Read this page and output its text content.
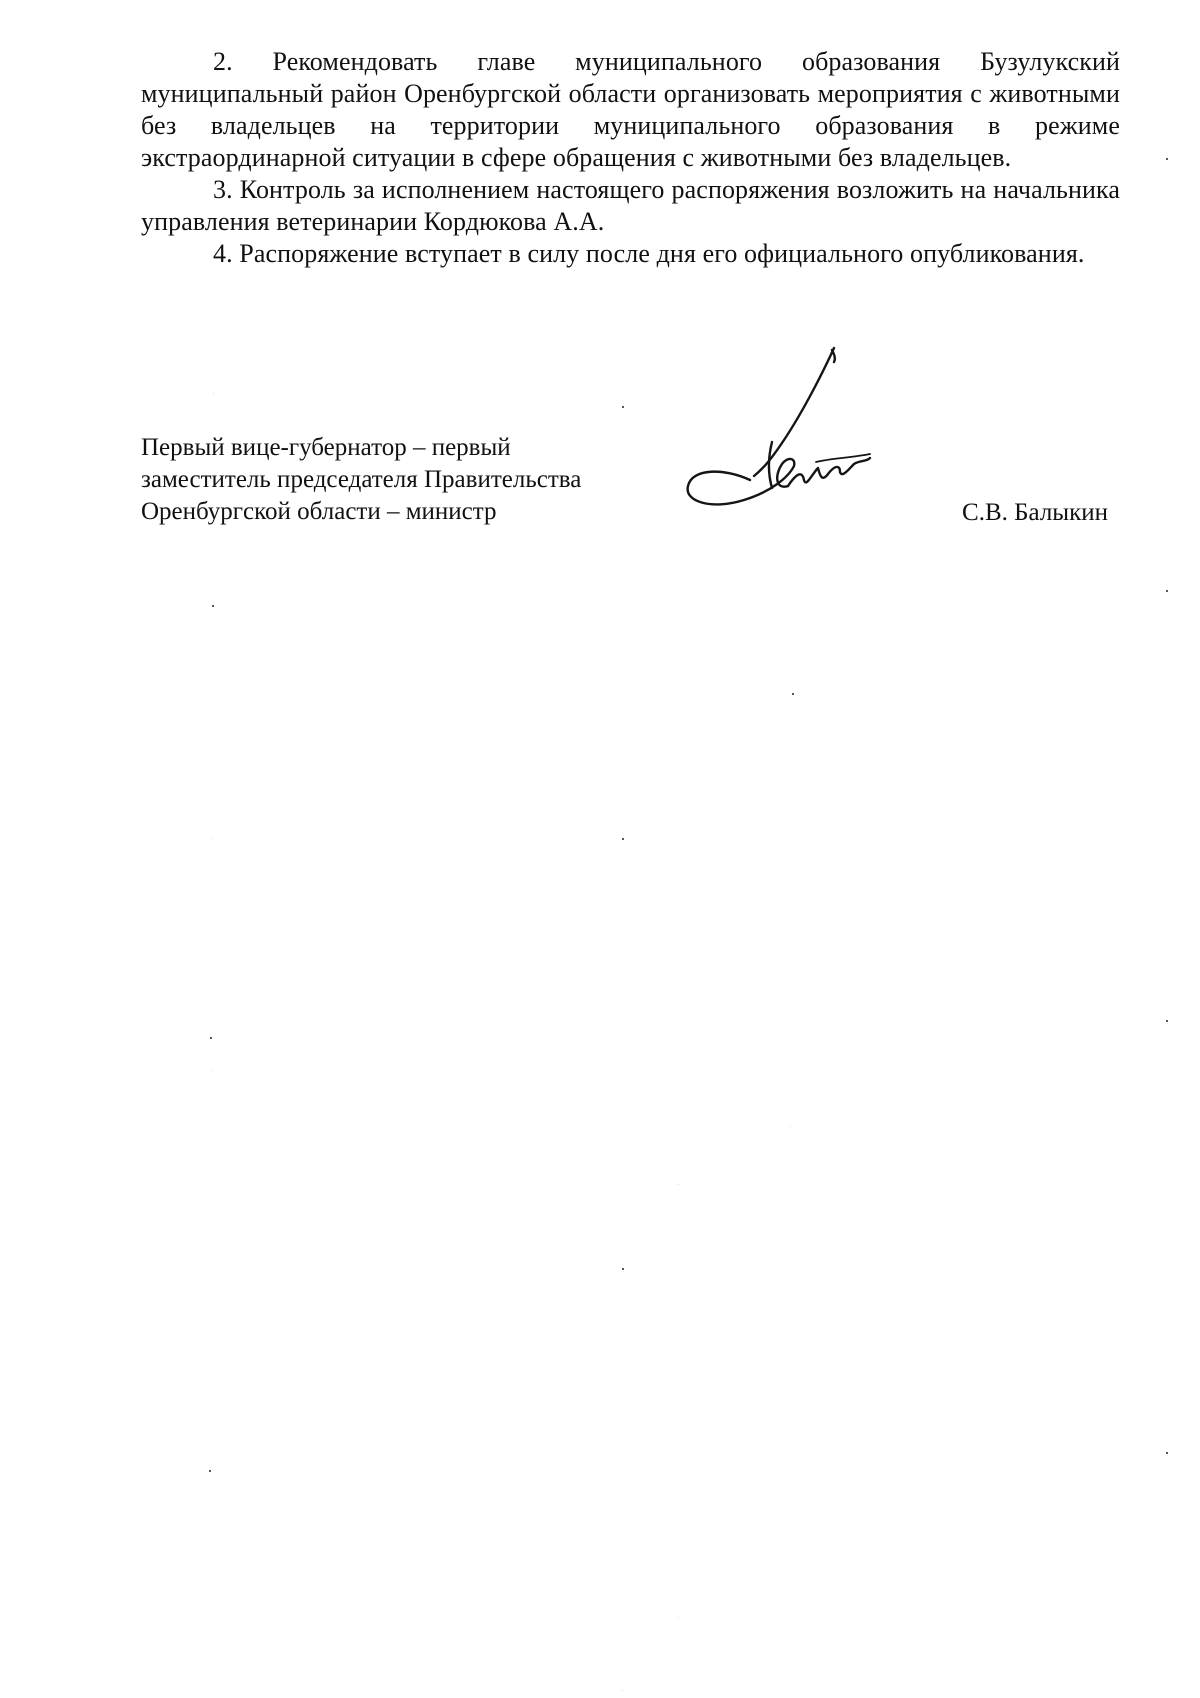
2. Рекомендовать главе муниципального образования Бузулукский муниципальный район Оренбургской области организовать мероприятия с животными без владельцев на территории муниципального образования в режиме экстраординарной ситуации в сфере обращения с животными без владельцев.

3. Контроль за исполнением настоящего распоряжения возложить на начальника управления ветеринарии Кордюкова А.А.

4. Распоряжение вступает в силу после дня его официального опубликования.

Первый вице-губернатор – первый
заместитель председателя Правительства
Оренбургской области – министр	С.В. Балыкин
